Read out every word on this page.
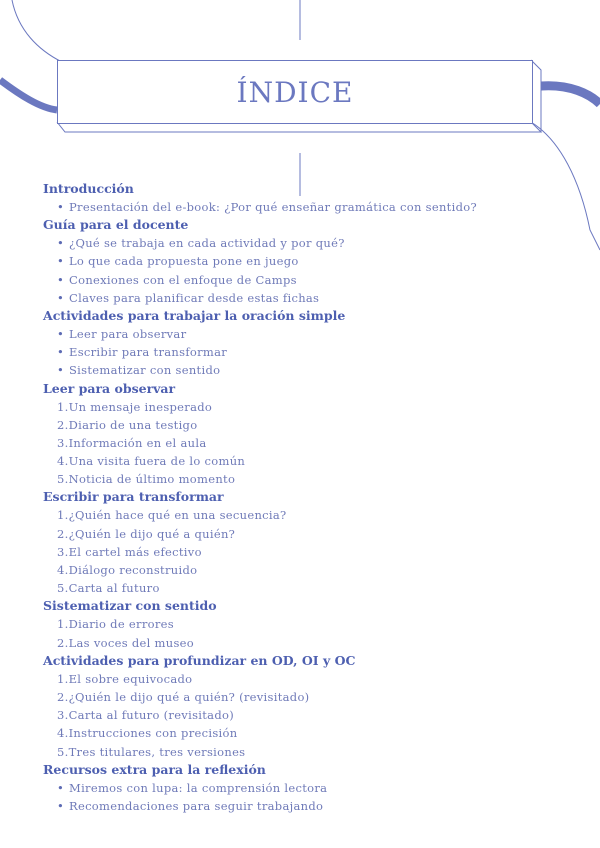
ÍNDICE
Introducción
• Presentación del e-book: ¿Por qué enseñar gramática con sentido?
Guía para el docente
• ¿Qué se trabaja en cada actividad y por qué?
• Lo que cada propuesta pone en juego
• Conexiones con el enfoque de Camps
• Claves para planificar desde estas fichas
Actividades para trabajar la oración simple
• Leer para observar
• Escribir para transformar
• Sistematizar con sentido
Leer para observar
1.Un mensaje inesperado
2.Diario de una testigo
3.Información en el aula
4.Una visita fuera de lo común
5.Noticia de último momento
Escribir para transformar
1.¿Quién hace qué en una secuencia?
2.¿Quién le dijo qué a quién?
3.El cartel más efectivo
4.Diálogo reconstruido
5.Carta al futuro
Sistematizar con sentido
1.Diario de errores
2.Las voces del museo
Actividades para profundizar en OD, OI y OC
1.El sobre equivocado
2.¿Quién le dijo qué a quién? (revisitado)
3.Carta al futuro (revisitado)
4.Instrucciones con precisión
5.Tres titulares, tres versiones
Recursos extra para la reflexión
• Miremos con lupa: la comprensión lectora
• Recomendaciones para seguir trabajando
